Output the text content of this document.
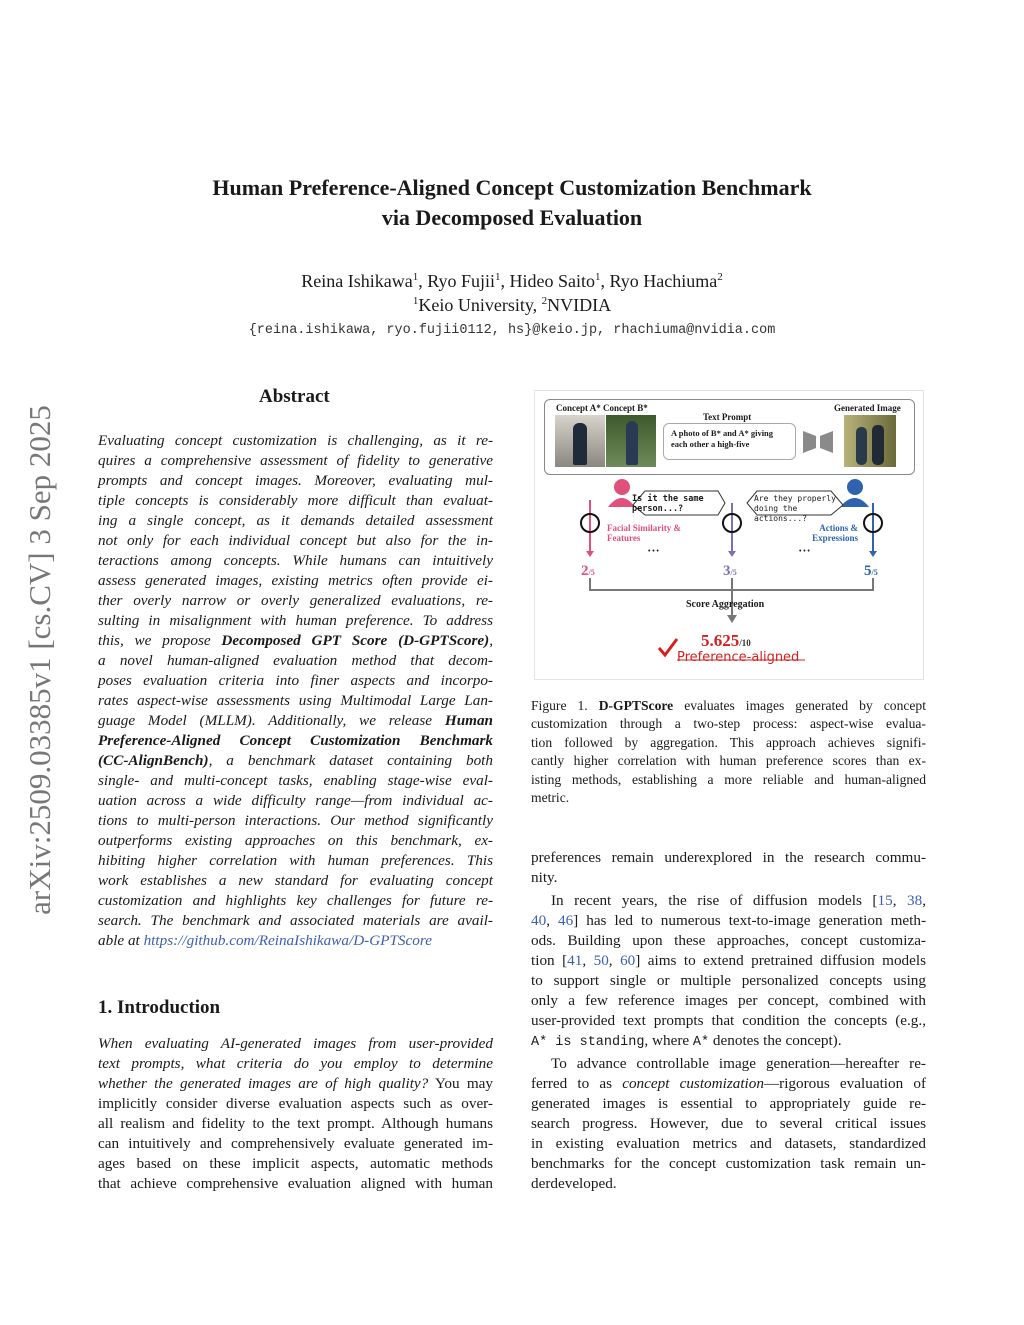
arXiv:2509.03385v1 [cs.CV] 3 Sep 2025
Human Preference-Aligned Concept Customization Benchmark
via Decomposed Evaluation
Reina Ishikawa$^1$, Ryo Fujii$^1$, Hideo Saito$^1$, Ryo Hachiuma$^2$
$^1$Keio University, $^2$NVIDIA
{reina.ishikawa, ryo.fujii0112, hs}@keio.jp, rhachiuma@nvidia.com
Abstract
Evaluating concept customization is challenging, as it re-
quires a comprehensive assessment of fidelity to generative
prompts and concept images. Moreover, evaluating mul-
tiple concepts is considerably more difficult than evaluat-
ing a single concept, as it demands detailed assessment
not only for each individual concept but also for the in-
teractions among concepts. While humans can intuitively
assess generated images, existing metrics often provide ei-
ther overly narrow or overly generalized evaluations, re-
sulting in misalignment with human preference. To address
this, we propose Decomposed GPT Score (D-GPTScore),
a novel human-aligned evaluation method that decom-
poses evaluation criteria into finer aspects and incorpo-
rates aspect-wise assessments using Multimodal Large Lan-
guage Model (MLLM). Additionally, we release Human
Preference-Aligned Concept Customization Benchmark
(CC-AlignBench), a benchmark dataset containing both
single- and multi-concept tasks, enabling stage-wise eval-
uation across a wide difficulty range—from individual ac-
tions to multi-person interactions. Our method significantly
outperforms existing approaches on this benchmark, ex-
hibiting higher correlation with human preferences. This
work establishes a new standard for evaluating concept
customization and highlights key challenges for future re-
search. The benchmark and associated materials are avail-
able at https://github.com/ReinaIshikawa/D-GPTScore
1. Introduction
When evaluating AI-generated images from user-provided
text prompts, what criteria do you employ to determine
whether the generated images are of high quality? You may
implicitly consider diverse evaluation aspects such as over-
all realism and fidelity to the text prompt. Although humans
can intuitively and comprehensively evaluate generated im-
ages based on these implicit aspects, automatic methods
that achieve comprehensive evaluation aligned with human
Concept A* Concept B*
Text Prompt
A photo of B* and A* giving each other a high-five
Generated Image
Is it the same person...?
Are they properly doing the actions...?
Facial Similarity & Features
Actions & Expressions
• • •	• • •
2/5	3/5	5/5
Score Aggregation
5.625/10
Preference-aligned
Figure 1. D-GPTScore evaluates images generated by concept
customization through a two-step process: aspect-wise evalua-
tion followed by aggregation. This approach achieves signifi-
cantly higher correlation with human preference scores than ex-
isting methods, establishing a more reliable and human-aligned
metric.
preferences remain underexplored in the research commu-
nity.
In recent years, the rise of diffusion models [15, 38,
40, 46] has led to numerous text-to-image generation meth-
ods. Building upon these approaches, concept customiza-
tion [41, 50, 60] aims to extend pretrained diffusion models
to support single or multiple personalized concepts using
only a few reference images per concept, combined with
user-provided text prompts that condition the concepts (e.g.,
A* is standing, where A* denotes the concept).
To advance controllable image generation—hereafter re-
ferred to as concept customization—rigorous evaluation of
generated images is essential to appropriately guide re-
search progress. However, due to several critical issues
in existing evaluation metrics and datasets, standardized
benchmarks for the concept customization task remain un-
derdeveloped.
